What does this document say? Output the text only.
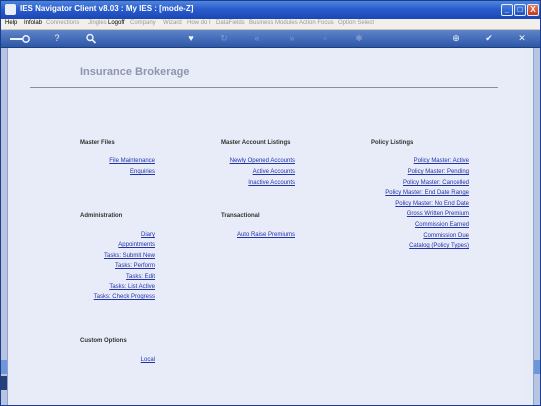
IES Navigator Client v8.03 : My IES : [mode-Z]	_	□ X
Help Infolab Connections Jingles Logoff Company Wizard How do I DataFields Business Modules Action Focus Option Select
?	♥	↻	«	»	▫	✱	⊕	✔	✕
Insurance Brokerage
Master Files
File Maintenance
Enquiries
Master Account Listings
Newly Opened Accounts
Active Accounts
Inactive Accounts
Policy Listings
Policy Master: Active
Policy Master: Pending
Policy Master: Cancelled
Policy Master: End Date Range
Policy Master: No End Date
Gross Written Premium
Commission Earned
Commission Due
Catalog (Policy Types)
Administration
Diary
Appointments
Tasks: Submit New
Tasks: Perform
Tasks: Edit
Tasks: List Active
Tasks: Check Progress
Transactional
Auto Raise Premiums
Custom Options
Local
